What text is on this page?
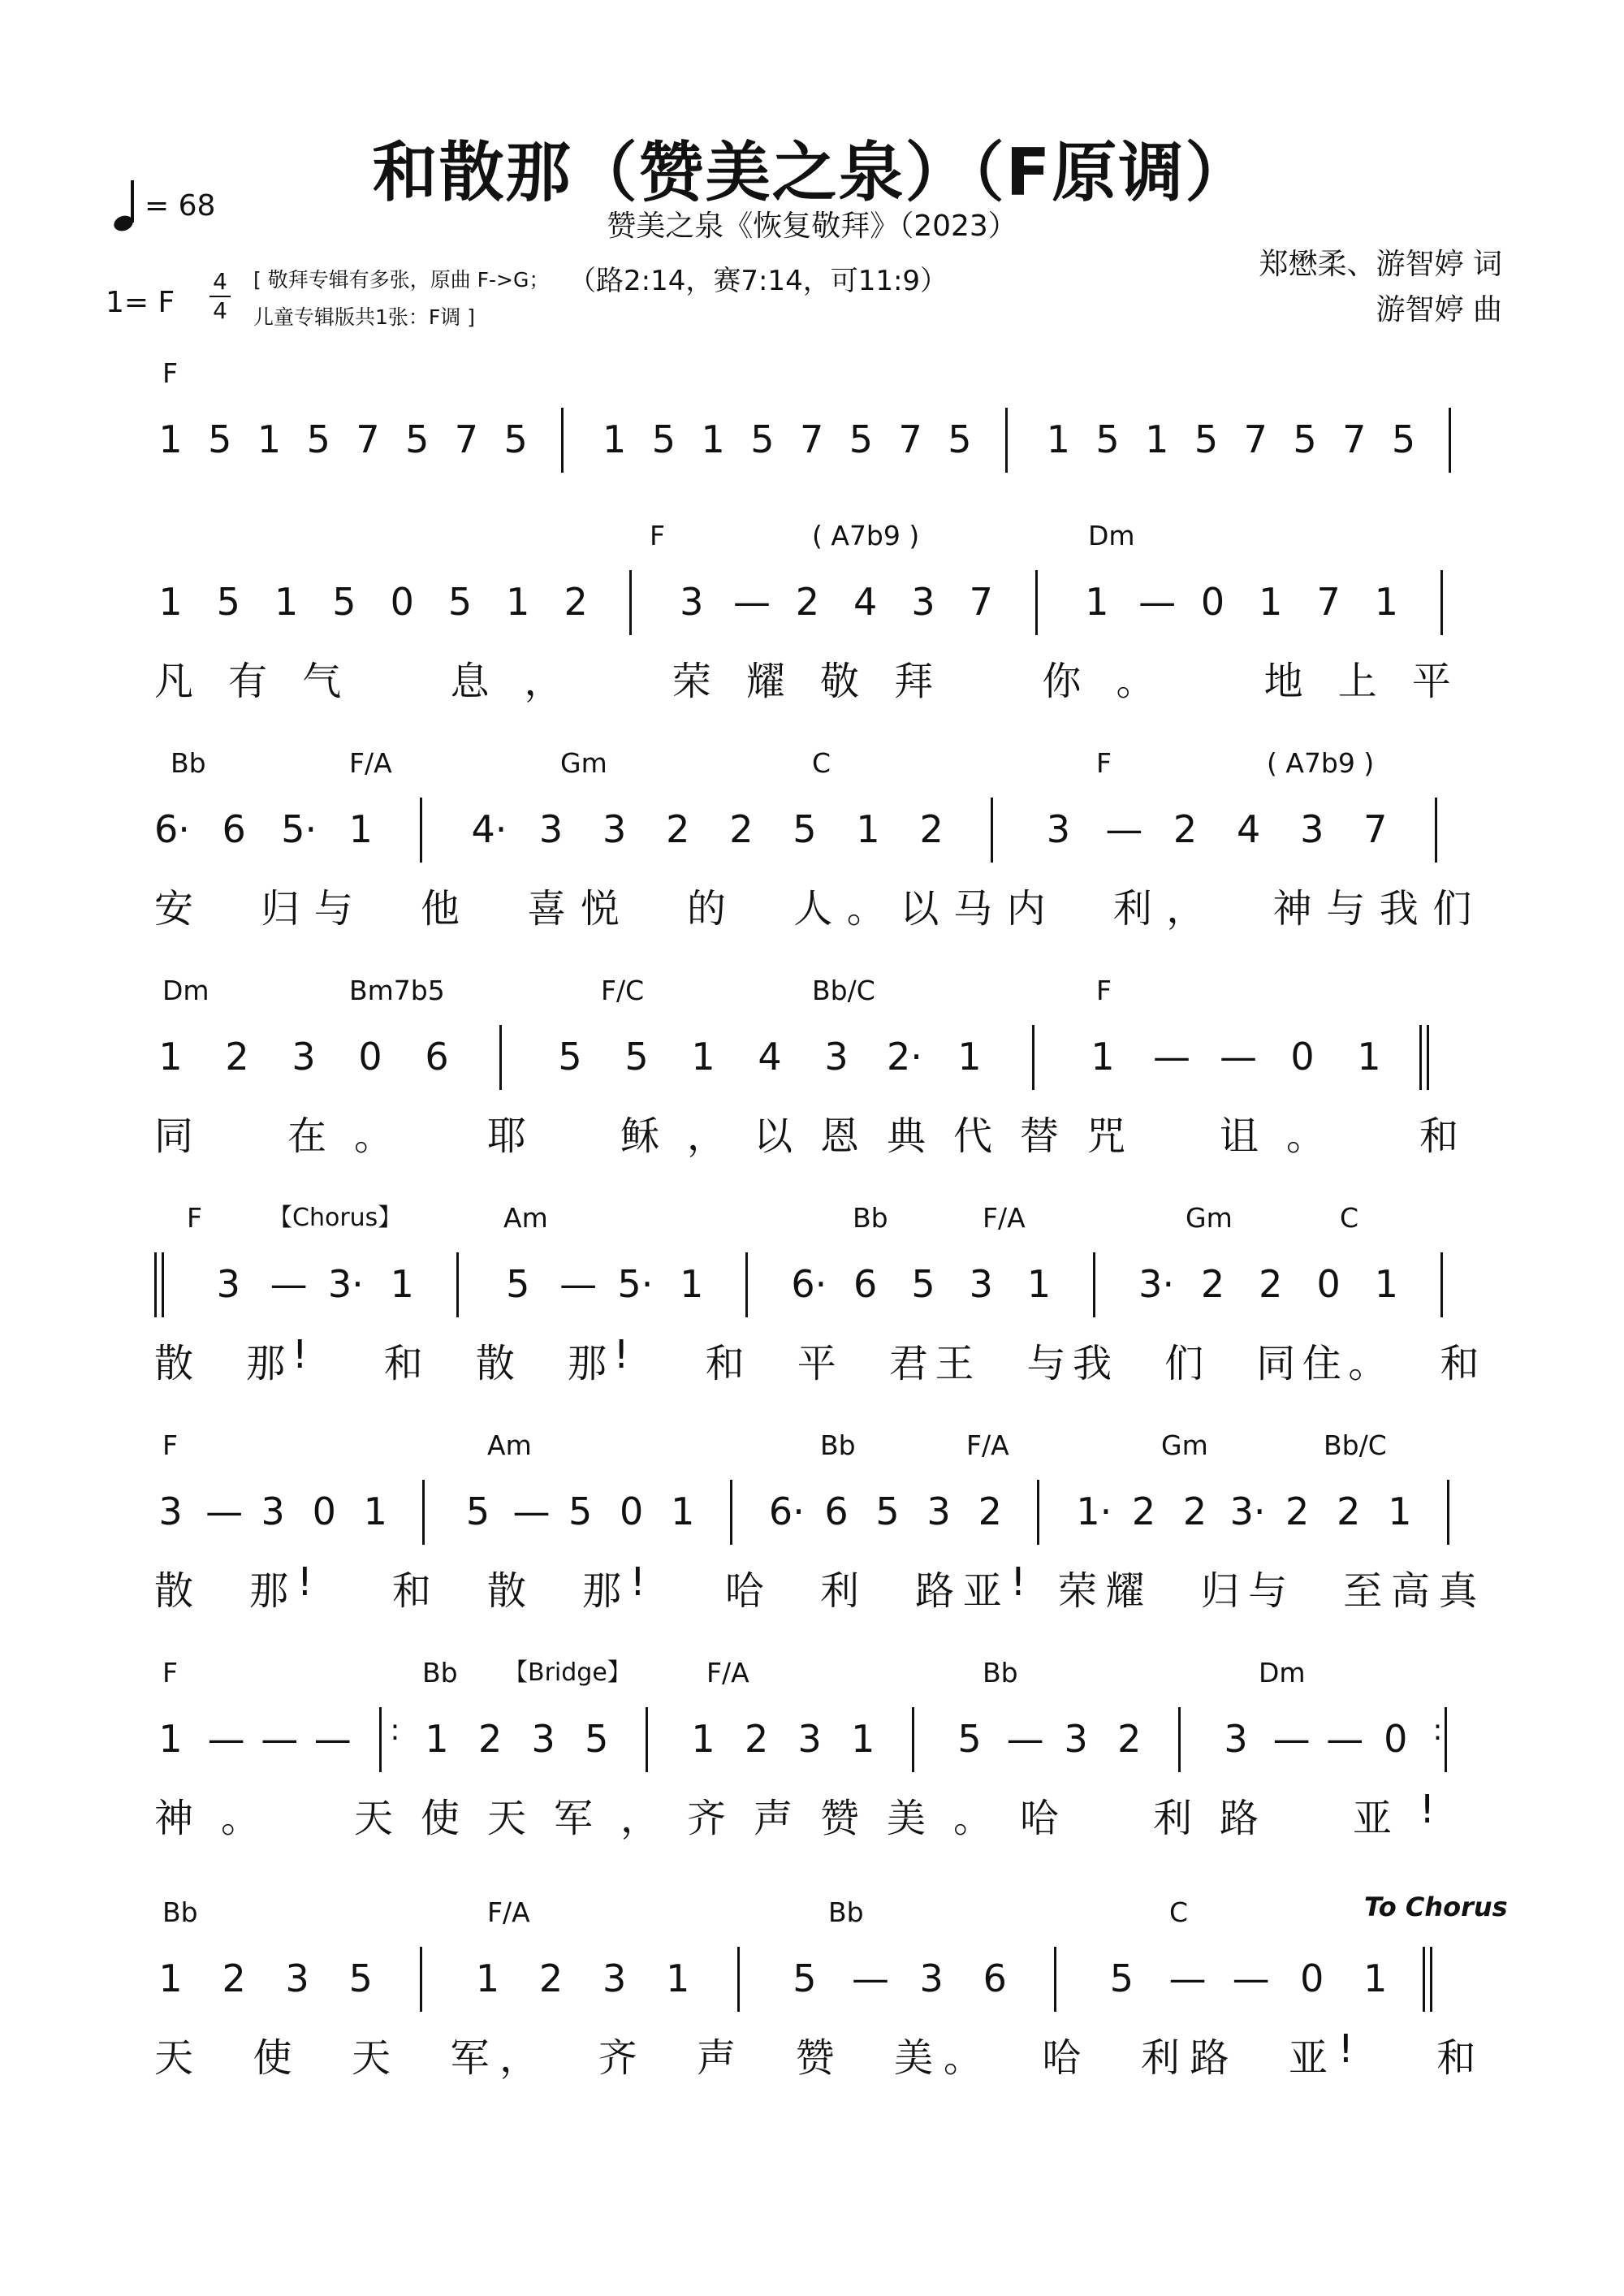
和散那（赞美之泉）（F原调）
赞美之泉《恢复敬拜》（2023）
= 68
1= F
4
4
[ 敬拜专辑有多张，原曲 F->G；
儿童专辑版共1张：F调 ]
（路2:14，赛7:14，可11:9）	郑懋柔、游智婷 词
游智婷 曲
F
1 5 1 5 7 5 7 5 1 5 1 5 7 5 7 5 1 5 1 5 7 5 7 5
F	( A7b9 )	Dm
1 5 1 5 0 5 1 2 3 — 2 4 3 7 1 — 0 1 7 1
凡 有 气	息 ，	荣 耀 敬 拜	你 。	地 上 平
Bb	F/A	Gm	C	F	( A7b9 )
6· 6 5· 1	4· 3 3 2 2 5 1 2	3 — 2 4 3 7
安 归 与 他 喜 悦 的 人 。 以 马 内 利 ， 神 与 我 们
Dm	Bm7b5	F/C	Bb/C	F
1 2 3 0 6	5 5 1 4 3 2· 1	1 — — 0 1
同 在 。 耶 稣 ， 以 恩 典 代 替 咒 诅 。 和
F	Am	Bb	F/A	Gm	C
【Chorus】
3 — 3· 1 5 — 5· 1 6· 6 5 3 1 3· 2 2 0 1
散 那 ! 和 散 那 ! 和 平 君 王 与 我 们 同 住 。 和
F	Am	Bb	F/A	Gm	Bb/C
3 — 3 0 1 5 — 5 0 1 6· 6 5 3 2 1· 2 2 3· 2 2 1
散 那 ! 和 散 那 ! 哈 利 路 亚 ! 荣 耀 归 与 至 高 真
F	Bb	F/A	Bb	Dm
【Bridge】
1 — — —	: 1 2 3 5 1 2 3 1 5 — 3 2 3 — — 0 :
神 。 天 使 天 军 ， 齐 声 赞 美 。 哈 利 路 亚 !
Bb	F/A	Bb	C	To Chorus
1 2 3 5	1 2 3 1	5 — 3 6	5 — — 0 1
天 使 天 军 ， 齐 声 赞 美 。 哈 利 路 亚 ! 和
